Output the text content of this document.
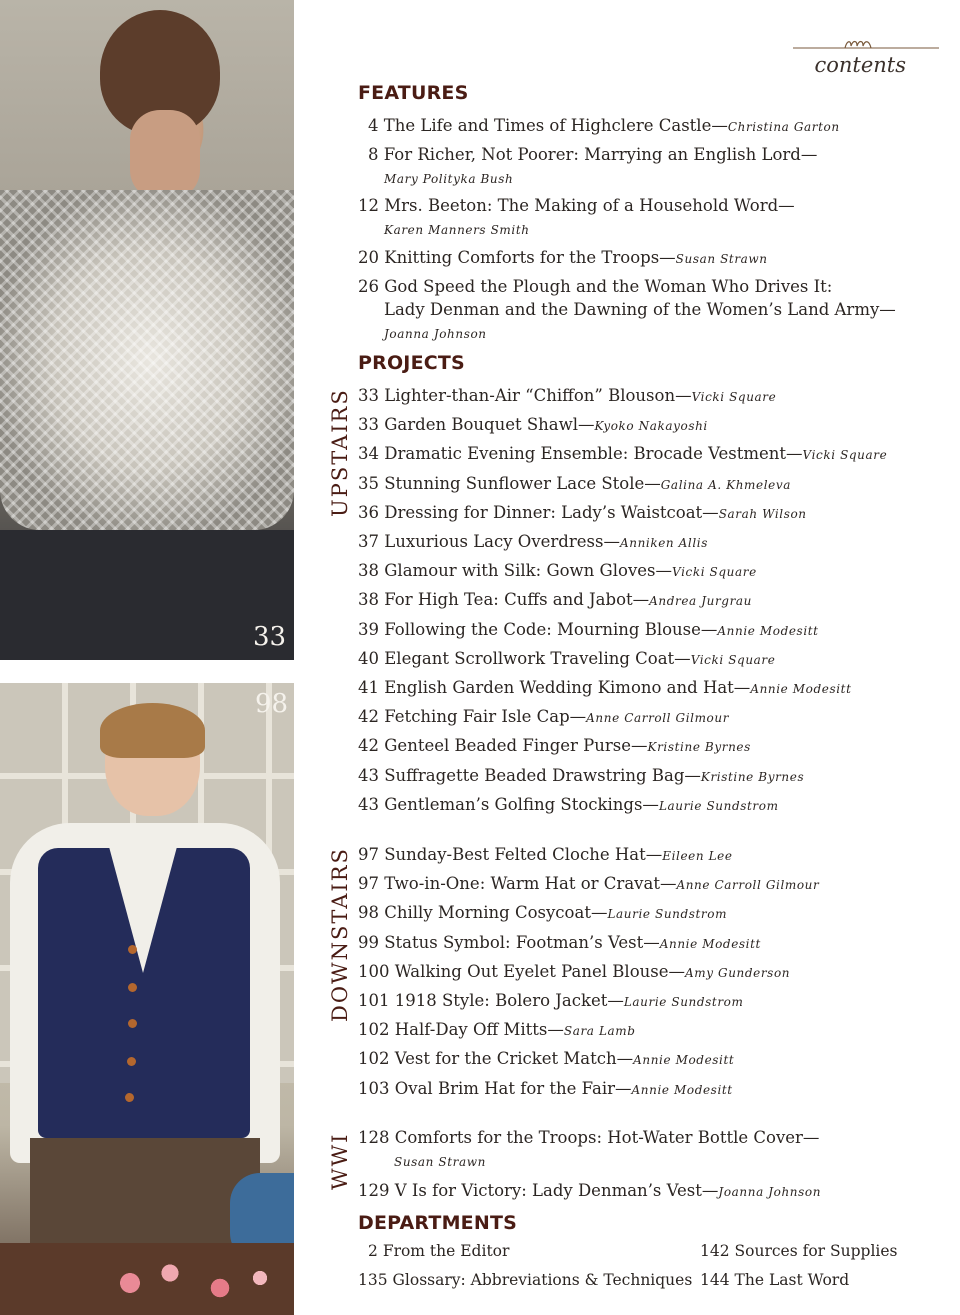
33
98
contents
FEATURES
4 The Life and Times of Highclere Castle—Christina Garton
8 For Richer, Not Poorer: Marrying an English Lord—
Mary Polityka Bush
12 Mrs. Beeton: The Making of a Household Word—
Karen Manners Smith
20 Knitting Comforts for the Troops—Susan Strawn
26 God Speed the Plough and the Woman Who Drives It:
Lady Denman and the Dawning of the Women’s Land Army—
Joanna Johnson
PROJECTS
UPSTAIRS
DOWNSTAIRS
WWI
33 Lighter-than-Air “Chiffon” Blouson—Vicki Square
33 Garden Bouquet Shawl—Kyoko Nakayoshi
34 Dramatic Evening Ensemble: Brocade Vestment—Vicki Square
35 Stunning Sunflower Lace Stole—Galina A. Khmeleva
36 Dressing for Dinner: Lady’s Waistcoat—Sarah Wilson
37 Luxurious Lacy Overdress—Anniken Allis
38 Glamour with Silk: Gown Gloves—Vicki Square
38 For High Tea: Cuffs and Jabot—Andrea Jurgrau
39 Following the Code: Mourning Blouse—Annie Modesitt
40 Elegant Scrollwork Traveling Coat—Vicki Square
41 English Garden Wedding Kimono and Hat—Annie Modesitt
42 Fetching Fair Isle Cap—Anne Carroll Gilmour
42 Genteel Beaded Finger Purse—Kristine Byrnes
43 Suffragette Beaded Drawstring Bag—Kristine Byrnes
43 Gentleman’s Golfing Stockings—Laurie Sundstrom
97 Sunday-Best Felted Cloche Hat—Eileen Lee
97 Two-in-One: Warm Hat or Cravat—Anne Carroll Gilmour
98 Chilly Morning Cosycoat—Laurie Sundstrom
99 Status Symbol: Footman’s Vest—Annie Modesitt
100 Walking Out Eyelet Panel Blouse—Amy Gunderson
101 1918 Style: Bolero Jacket—Laurie Sundstrom
102 Half-Day Off Mitts—Sara Lamb
102 Vest for the Cricket Match—Annie Modesitt
103 Oval Brim Hat for the Fair—Annie Modesitt
128 Comforts for the Troops: Hot-Water Bottle Cover—
Susan Strawn
129 V Is for Victory: Lady Denman’s Vest—Joanna Johnson
DEPARTMENTS
2 From the Editor
135 Glossary: Abbreviations & Techniques
142 Sources for Supplies
144 The Last Word
